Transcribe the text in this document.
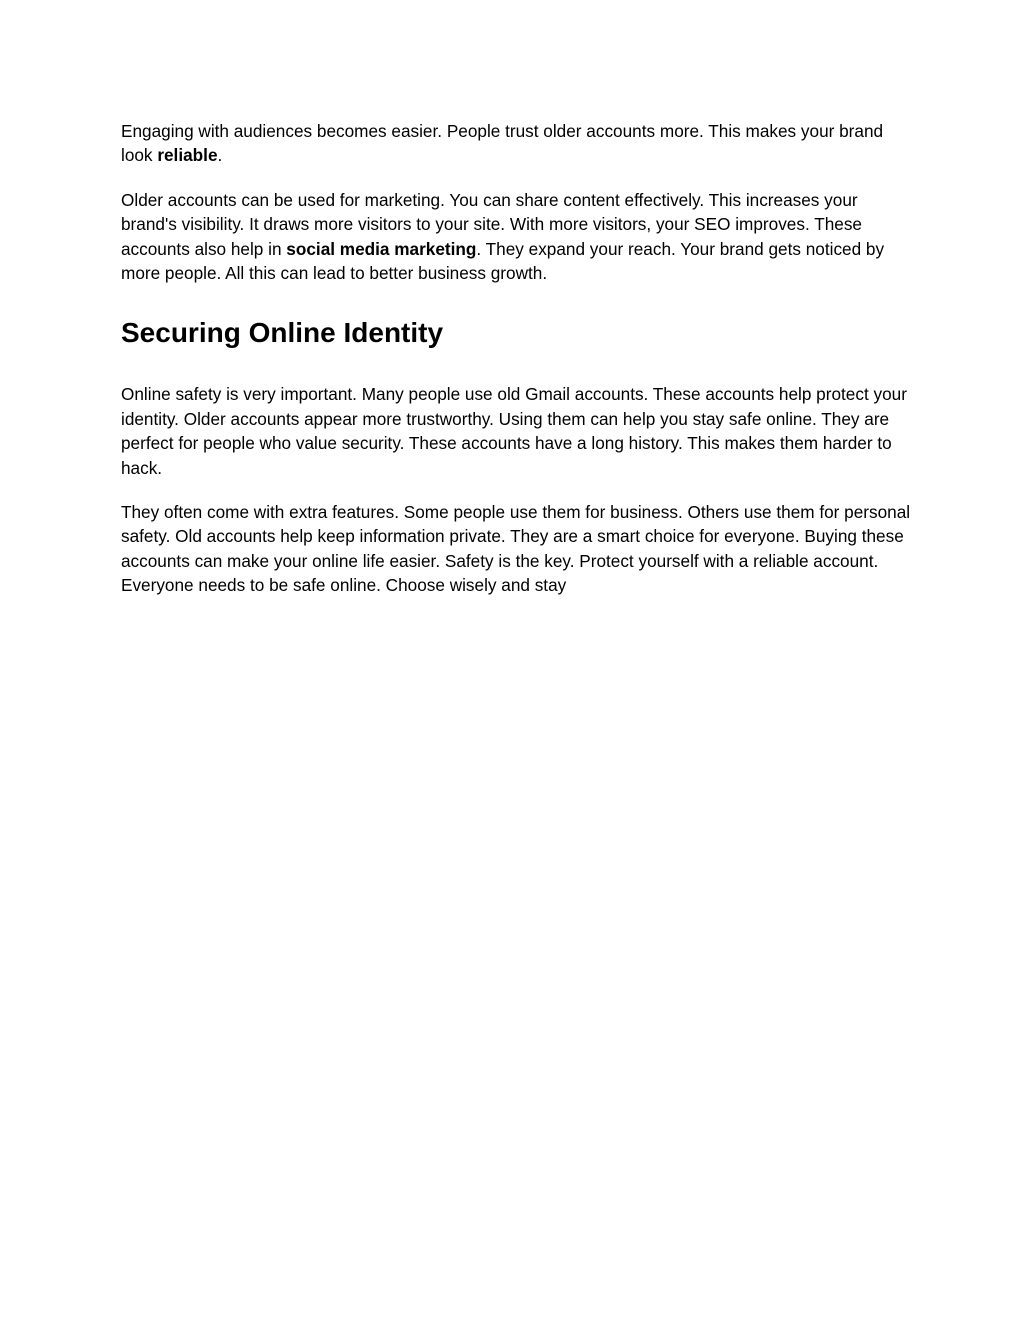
Engaging with audiences becomes easier. People trust older accounts more. This makes your brand look reliable.

Older accounts can be used for marketing. You can share content effectively. This increases your brand's visibility. It draws more visitors to your site. With more visitors, your SEO improves. These accounts also help in social media marketing. They expand your reach. Your brand gets noticed by more people. All this can lead to better business growth.

Securing Online Identity

Online safety is very important. Many people use old Gmail accounts. These accounts help protect your identity. Older accounts appear more trustworthy. Using them can help you stay safe online. They are perfect for people who value security. These accounts have a long history. This makes them harder to hack.

They often come with extra features. Some people use them for business. Others use them for personal safety. Old accounts help keep information private. They are a smart choice for everyone. Buying these accounts can make your online life easier. Safety is the key. Protect yourself with a reliable account. Everyone needs to be safe online. Choose wisely and stay
